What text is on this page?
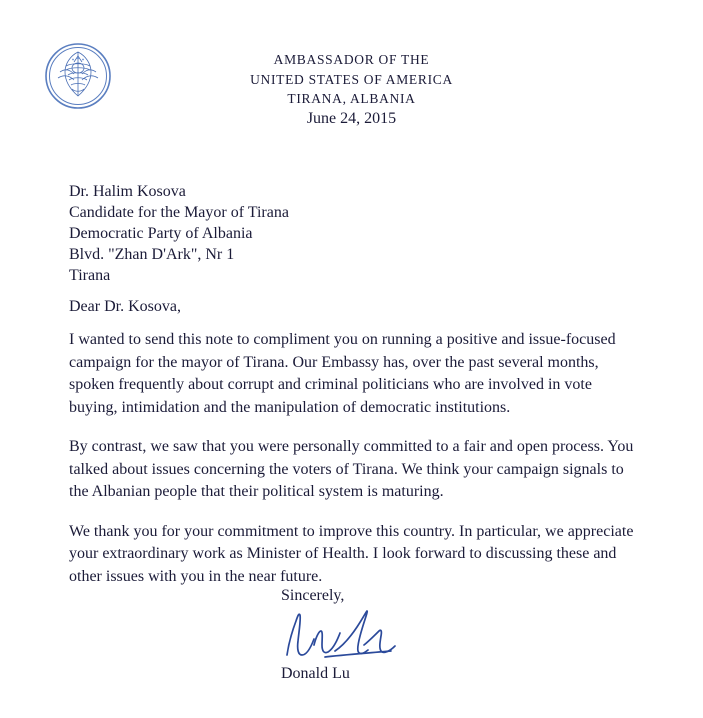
AMBASSADOR OF THE
UNITED STATES OF AMERICA
TIRANA, ALBANIA
June 24, 2015
Dr. Halim Kosova
Candidate for the Mayor of Tirana
Democratic Party of Albania
Blvd. "Zhan D'Ark", Nr 1
Tirana
Dear Dr. Kosova,

I wanted to send this note to compliment you on running a positive and issue-focused campaign for the mayor of Tirana. Our Embassy has, over the past several months, spoken frequently about corrupt and criminal politicians who are involved in vote buying, intimidation and the manipulation of democratic institutions.

By contrast, we saw that you were personally committed to a fair and open process. You talked about issues concerning the voters of Tirana. We think your campaign signals to the Albanian people that their political system is maturing.

We thank you for your commitment to improve this country. In particular, we appreciate your extraordinary work as Minister of Health. I look forward to discussing these and other issues with you in the near future.

Sincerely,
Donald Lu
